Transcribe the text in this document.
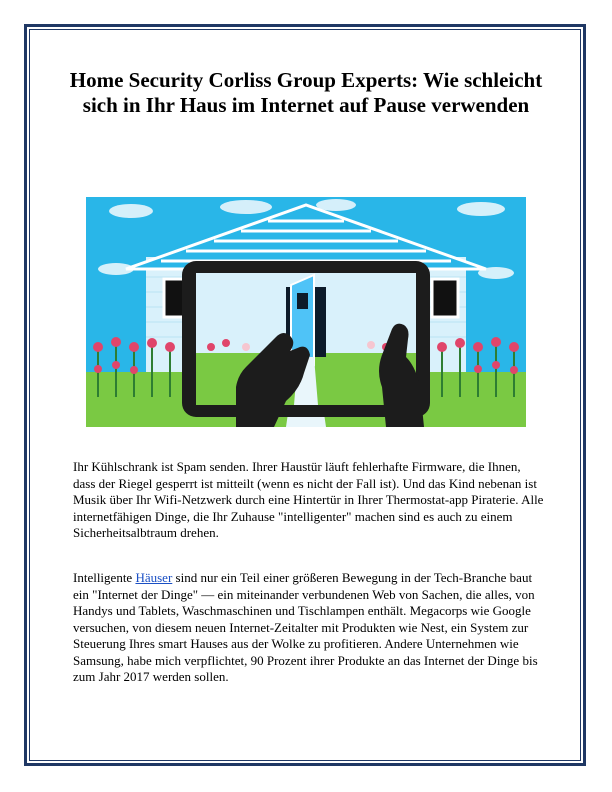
Home Security Corliss Group Experts: Wie schleicht sich in Ihr Haus im Internet auf Pause verwenden
Ihr Kühlschrank ist Spam senden. Ihrer Haustür läuft fehlerhafte Firmware, die Ihnen, dass der Riegel gesperrt ist mitteilt (wenn es nicht der Fall ist). Und das Kind nebenan ist Musik über Ihr Wifi-Netzwerk durch eine Hintertür in Ihrer Thermostat-app Piraterie. Alle internetfähigen Dinge, die Ihr Zuhause "intelligenter" machen sind es auch zu einem Sicherheitsalbtraum drehen.
Intelligente Häuser sind nur ein Teil einer größeren Bewegung in der Tech-Branche baut ein "Internet der Dinge" — ein miteinander verbundenen Web von Sachen, die alles, von Handys und Tablets, Waschmaschinen und Tischlampen enthält. Megacorps wie Google versuchen, von diesem neuen Internet-Zeitalter mit Produkten wie Nest, ein System zur Steuerung Ihres smart Hauses aus der Wolke zu profitieren. Andere Unternehmen wie Samsung, habe mich verpflichtet, 90 Prozent ihrer Produkte an das Internet der Dinge bis zum Jahr 2017 werden sollen.
